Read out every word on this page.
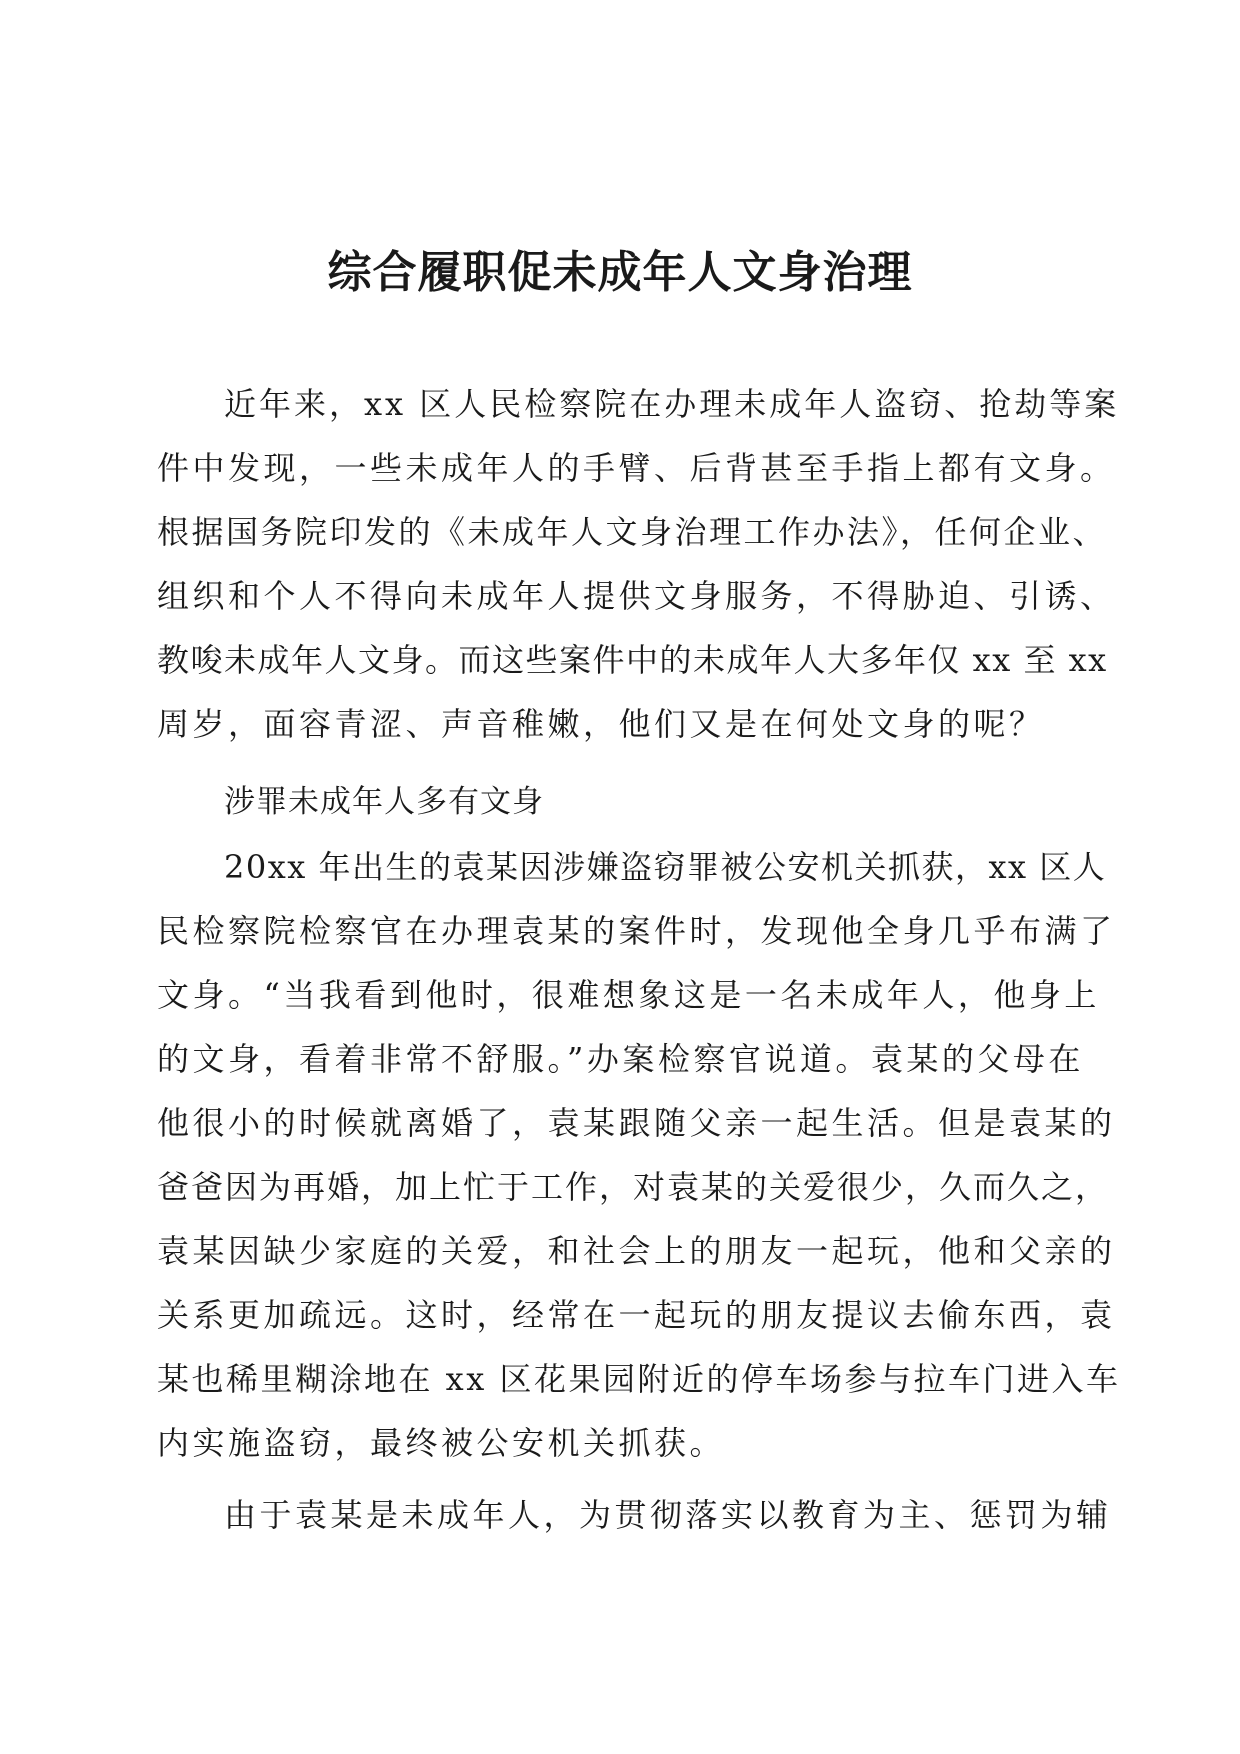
综合履职促未成年人文身治理
近年来，xx 区人民检察院在办理未成年人盗窃、抢劫等案
件中发现，一些未成年人的手臂、后背甚至手指上都有文身。
根据国务院印发的《未成年人文身治理工作办法》，任何企业、
组织和个人不得向未成年人提供文身服务，不得胁迫、引诱、
教唆未成年人文身。而这些案件中的未成年人大多年仅 xx 至 xx
周岁，面容青涩、声音稚嫩，他们又是在何处文身的呢？
涉罪未成年人多有文身
20xx 年出生的袁某因涉嫌盗窃罪被公安机关抓获，xx 区人
民检察院检察官在办理袁某的案件时，发现他全身几乎布满了
文身。“当我看到他时，很难想象这是一名未成年人，他身上
的文身，看着非常不舒服。”办案检察官说道。袁某的父母在
他很小的时候就离婚了，袁某跟随父亲一起生活。但是袁某的
爸爸因为再婚，加上忙于工作，对袁某的关爱很少，久而久之，
袁某因缺少家庭的关爱，和社会上的朋友一起玩，他和父亲的
关系更加疏远。这时，经常在一起玩的朋友提议去偷东西，袁
某也稀里糊涂地在 xx 区花果园附近的停车场参与拉车门进入车
内实施盗窃，最终被公安机关抓获。
由于袁某是未成年人，为贯彻落实以教育为主、惩罚为辅
